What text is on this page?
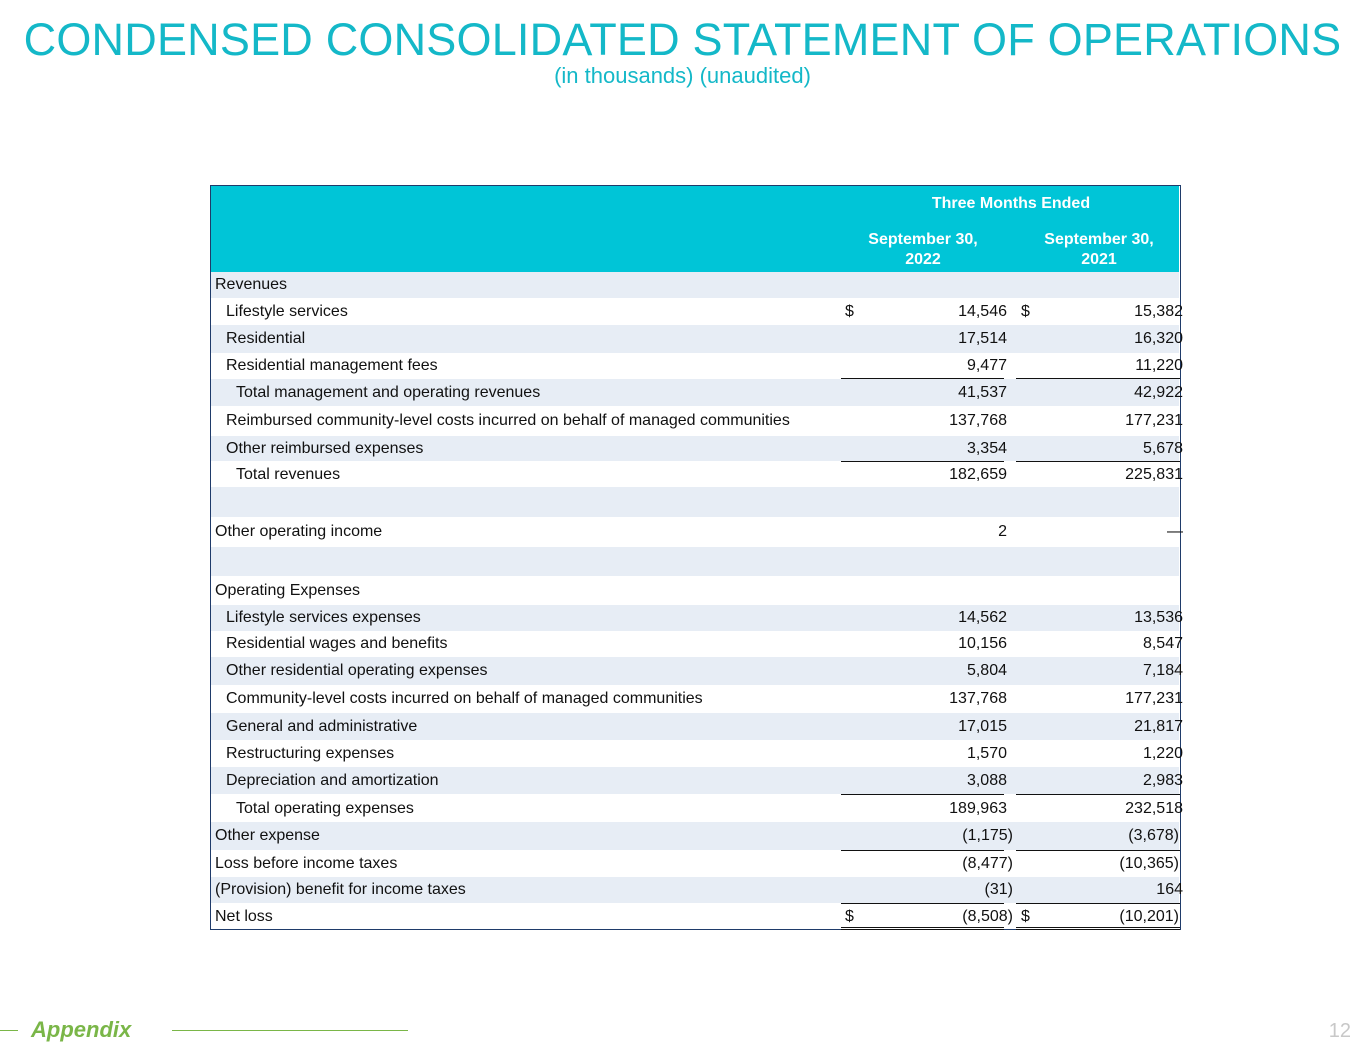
CONDENSED CONSOLIDATED STATEMENT OF OPERATIONS
(in thousands) (unaudited)
Three Months Ended
September 30,
2022
September 30,
2021
Revenues
Lifestyle services	$	14,546 $	15,382
Residential	17,514	16,320
Residential management fees	9,477	11,220
Total management and operating revenues	41,537	42,922
Reimbursed community-level costs incurred on behalf of managed communities	137,768	177,231
Other reimbursed expenses	3,354	5,678
Total revenues	182,659	225,831
Other operating income	2	—
Operating Expenses
Lifestyle services expenses	14,562	13,536
Residential wages and benefits	10,156	8,547
Other residential operating expenses	5,804	7,184
Community-level costs incurred on behalf of managed communities	137,768	177,231
General and administrative	17,015	21,817
Restructuring expenses	1,570	1,220
Depreciation and amortization	3,088	2,983
Total operating expenses	189,963	232,518
Other expense	(1,175)	(3,678)
Loss before income taxes	(8,477)	(10,365)
(Provision) benefit for income taxes	(31)	164
Net loss	$	(8,508) $	(10,201)
Appendix	12
